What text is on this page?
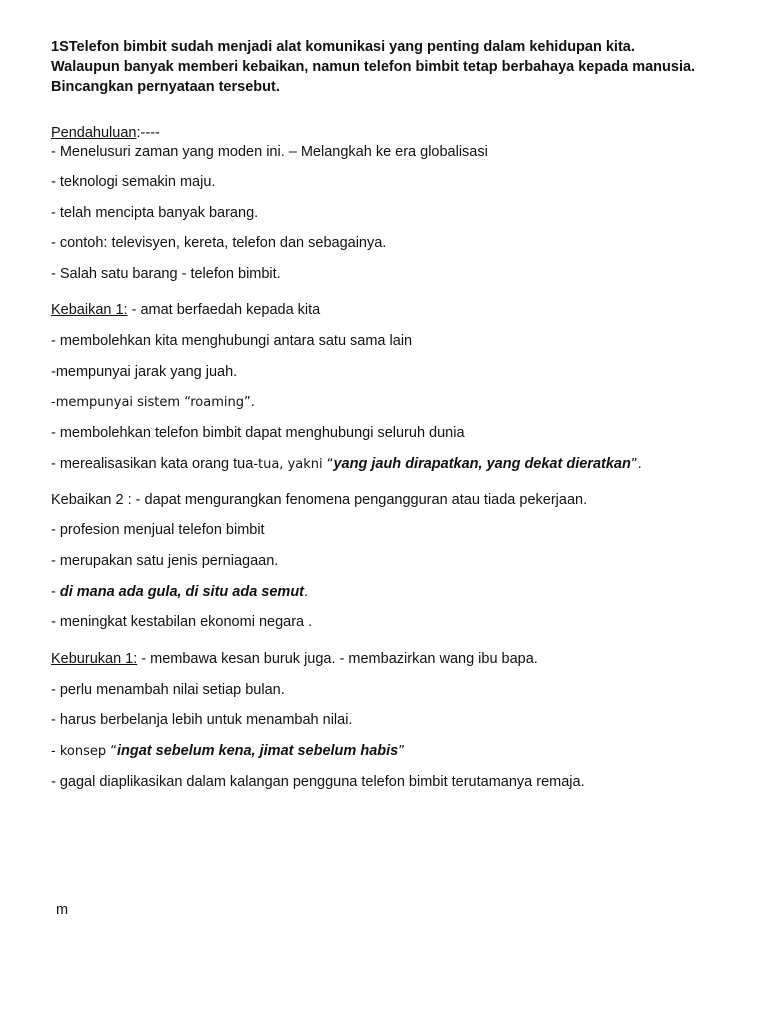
1STelefon bimbit sudah menjadi alat komunikasi yang penting dalam kehidupan kita.
Walaupun banyak memberi kebaikan, namun telefon bimbit tetap berbahaya kepada manusia.
Bincangkan pernyataan tersebut.
Pendahuluan:----
- Menelusuri zaman yang moden ini. – Melangkah ke era globalisasi
- teknologi semakin maju.
- telah mencipta banyak barang.
- contoh: televisyen, kereta, telefon dan sebagainya.
- Salah satu barang - telefon bimbit.
Kebaikan 1: - amat berfaedah kepada kita
- membolehkan kita menghubungi antara satu sama lain
-mempunyai jarak yang juah.
-mempunyai sistem “roaming”.
- membolehkan telefon bimbit dapat menghubungi seluruh dunia
- merealisasikan kata orang tua-tua, yakni “yang jauh dirapatkan, yang dekat dieratkan”.
Kebaikan 2 : - dapat mengurangkan fenomena pengangguran atau tiada pekerjaan.
- profesion menjual telefon bimbit
- merupakan satu jenis perniagaan.
- di mana ada gula, di situ ada semut.
- meningkat kestabilan ekonomi negara .
Keburukan 1: - membawa kesan buruk juga. - membazirkan wang ibu bapa.
- perlu menambah nilai setiap bulan.
- harus berbelanja lebih untuk menambah nilai.
- konsep “ingat sebelum kena, jimat sebelum habis”
- gagal diaplikasikan dalam kalangan pengguna telefon bimbit terutamanya remaja.
m
